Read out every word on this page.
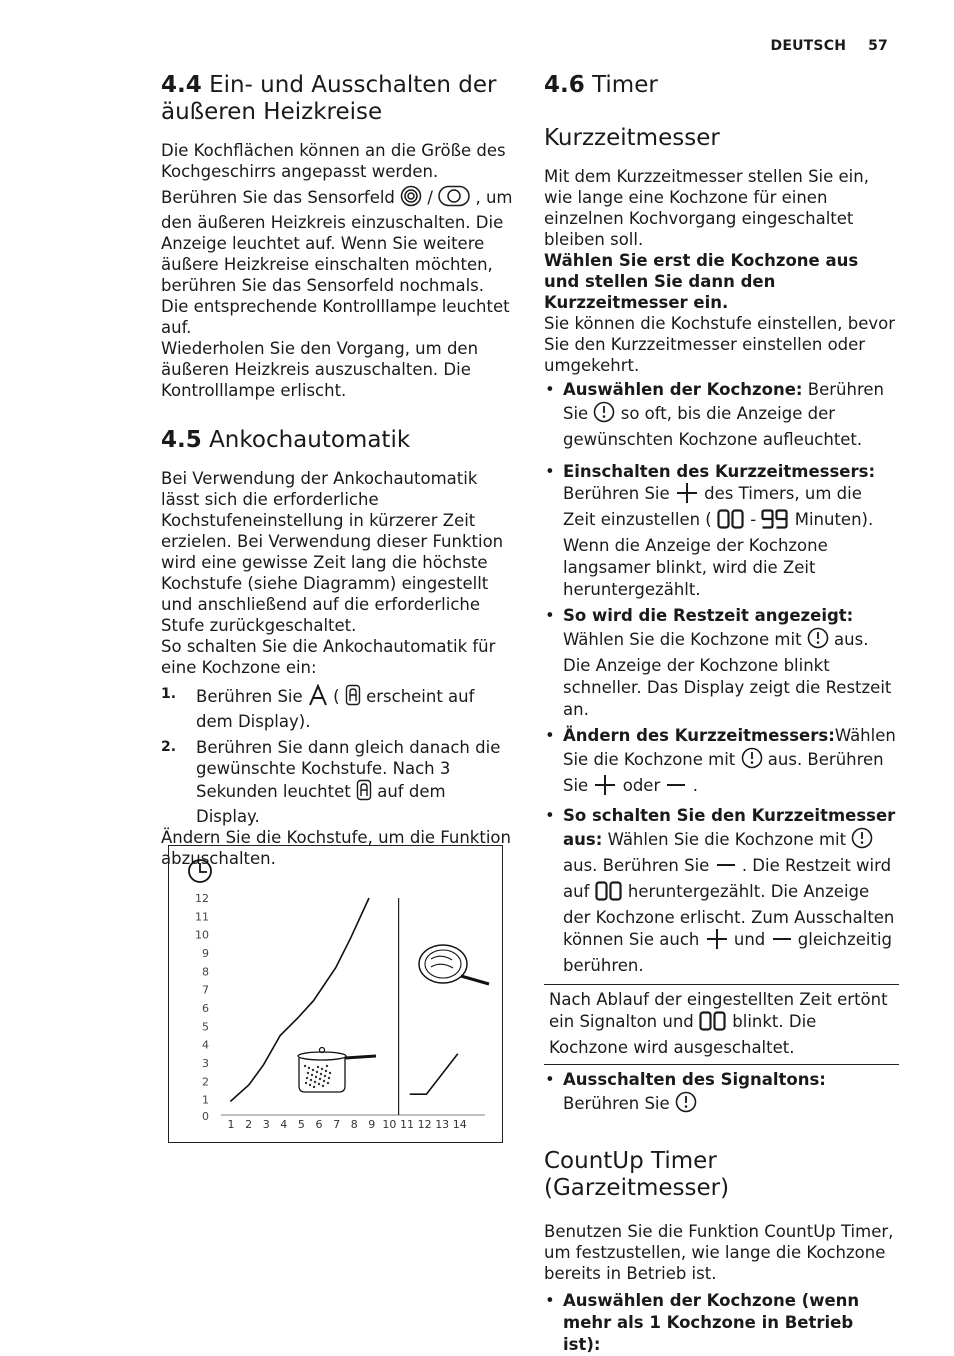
DEUTSCH 57
4.4 Ein- und Ausschalten der äußeren Heizkreise

Die Kochflächen können an die Größe des Kochgeschirrs angepasst werden.

Berühren Sie das Sensorfeld /	, um den äußeren Heizkreis einzuschalten. Die Anzeige leuchtet auf. Wenn Sie weitere äußere Heizkreise einschalten möchten, berühren Sie das Sensorfeld nochmals. Die entsprechende Kontrolllampe leuchtet auf.

Wiederholen Sie den Vorgang, um den äußeren Heizkreis auszuschalten. Die Kontrolllampe erlischt.

4.5 Ankochautomatik

Bei Verwendung der Ankochautomatik lässt sich die erforderliche Kochstufeneinstellung in kürzerer Zeit erzielen. Bei Verwendung dieser Funktion wird eine gewisse Zeit lang die höchste Kochstufe (siehe Diagramm) eingestellt und anschließend auf die erforderliche Stufe zurückgeschaltet.

So schalten Sie die Ankochautomatik für eine Kochzone ein:

1. Berühren Sie ( erscheint auf dem Display).
2. Berühren Sie dann gleich danach die gewünschte Kochstufe. Nach 3 Sekunden leuchtet auf dem Display.

Ändern Sie die Kochstufe, um die Funktion abzuschalten.

0
1
2
3
4
5
6
7
8
9
10
11
12
1 2 3 4 5 6 7 8 9 10 11 12 13 14
4.6 Timer
Kurzzeitmesser

Mit dem Kurzzeitmesser stellen Sie ein, wie lange eine Kochzone für einen einzelnen Kochvorgang eingeschaltet bleiben soll.

Wählen Sie erst die Kochzone aus und stellen Sie dann den Kurzzeitmesser ein.

Sie können die Kochstufe einstellen, bevor Sie den Kurzzeitmesser einstellen oder umgekehrt.

• Auswählen der Kochzone: Berühren Sie so oft, bis die Anzeige der gewünschten Kochzone aufleuchtet.
• Einschalten des Kurzzeitmessers: Berühren Sie des Timers, um die Zeit einzustellen ( - Minuten). Wenn die Anzeige der Kochzone langsamer blinkt, wird die Zeit heruntergezählt.
• So wird die Restzeit angezeigt:
Wählen Sie die Kochzone mit aus. Die Anzeige der Kochzone blinkt schneller. Das Display zeigt die Restzeit an.
• Ändern des Kurzzeitmessers:Wählen Sie die Kochzone mit aus. Berühren Sie oder .
• So schalten Sie den Kurzzeitmesser aus: Wählen Sie die Kochzone mit  aus. Berühren Sie . Die Restzeit wird auf heruntergezählt. Die Anzeige der Kochzone erlischt. Zum Ausschalten können Sie auch und gleichzeitig berühren.
Nach Ablauf der eingestellten Zeit ertönt ein Signalton und blinkt. Die Kochzone wird ausgeschaltet.
• Ausschalten des Signaltons: Berühren Sie
CountUp Timer (Garzeitmesser)

Benutzen Sie die Funktion CountUp Timer, um festzustellen, wie lange die Kochzone bereits in Betrieb ist.

• Auswählen der Kochzone (wenn mehr als 1 Kochzone in Betrieb ist):
